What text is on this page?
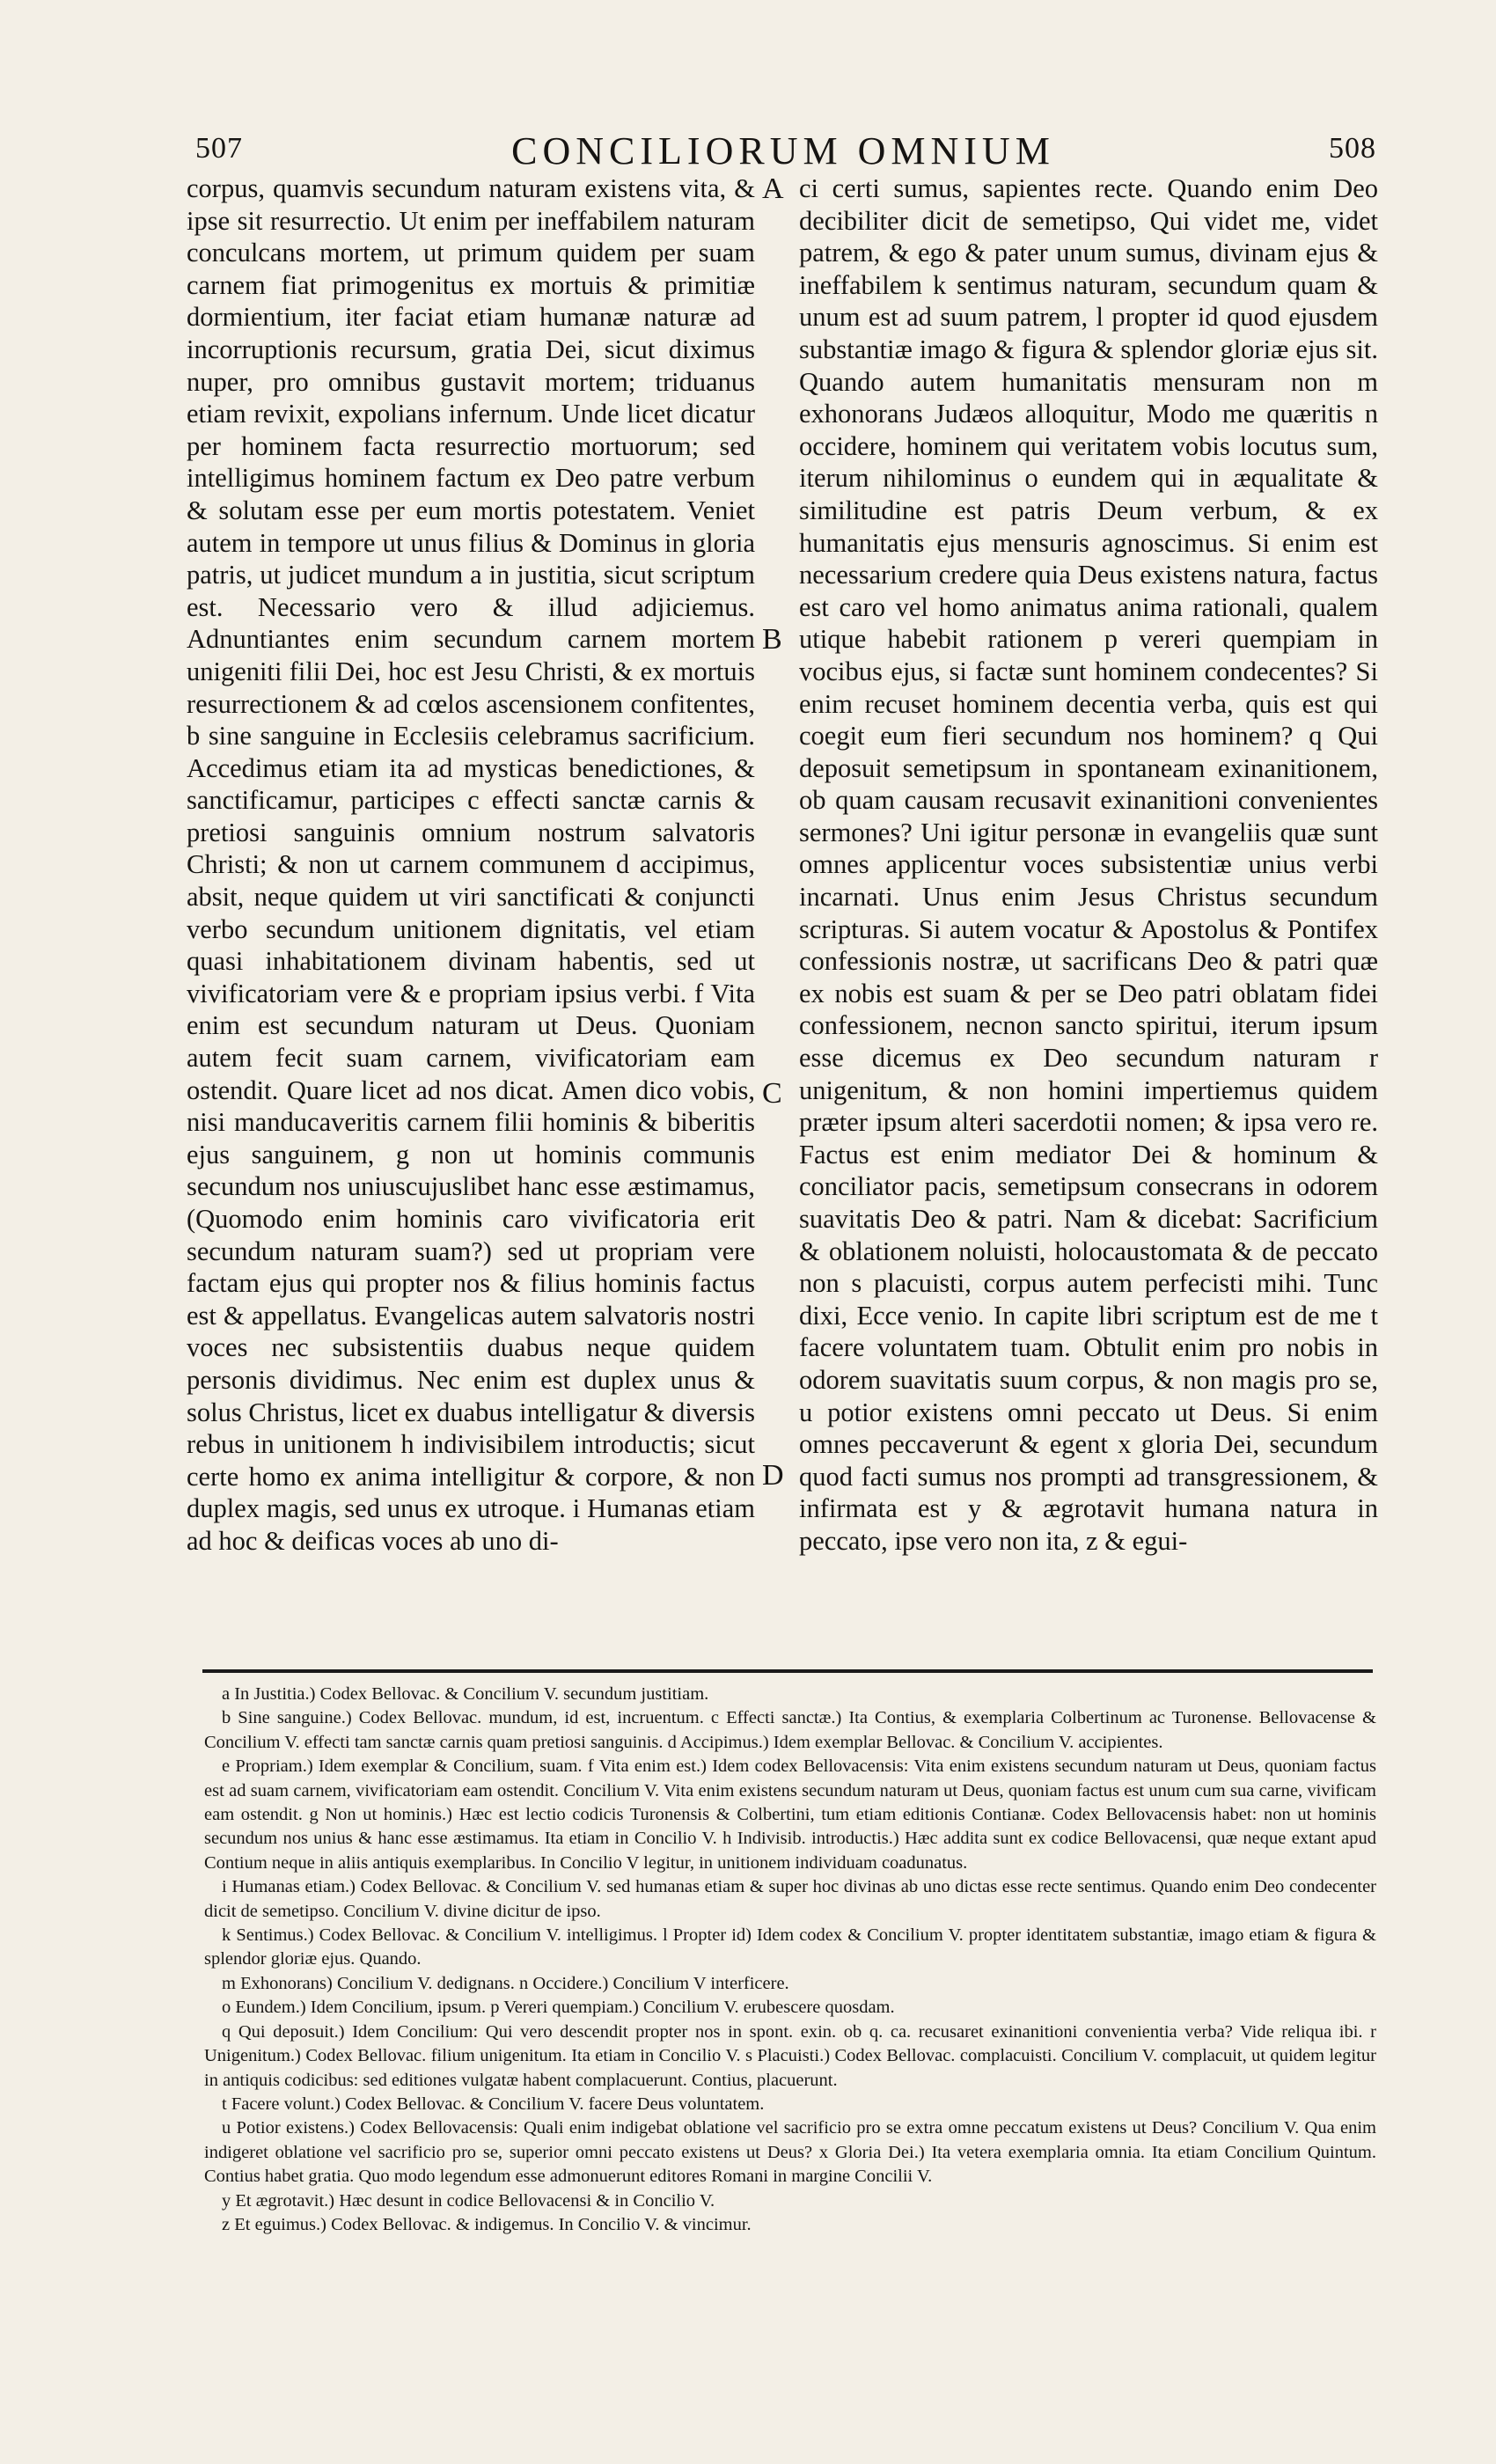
507	CONCILIORUM OMNIUM	508

corpus, quamvis secundum naturam existens vita, & ipse sit resurrectio. Ut enim per ineffabilem naturam conculcans mortem, ut primum quidem per suam carnem fiat primogenitus ex mortuis & primitiæ dormientium, iter faciat etiam humanæ naturæ ad incorruptionis recursum, gratia Dei, sicut diximus nuper, pro omnibus gustavit mortem; triduanus etiam revixit, expolians infernum. Unde licet dicatur per hominem facta resurrectio mortuorum; sed intelligimus hominem factum ex Deo patre verbum & solutam esse per eum mortis potestatem. Veniet autem in tempore ut unus filius & Dominus in gloria patris, ut judicet mundum a in justitia, sicut scriptum est. Necessario vero & illud adjiciemus. Adnuntiantes enim secundum carnem mortem unigeniti filii Dei, hoc est Jesu Christi, & ex mortuis resurrectionem & ad cœlos ascensionem confitentes, b sine sanguine in Ecclesiis celebramus sacrificium. Accedimus etiam ita ad mysticas benedictiones, & sanctificamur, participes c effecti sanctæ carnis & pretiosi sanguinis omnium nostrum salvatoris Christi; & non ut carnem communem d accipimus, absit, neque quidem ut viri sanctificati & conjuncti verbo secundum unitionem dignitatis, vel etiam quasi inhabitationem divinam habentis, sed ut vivificatoriam vere & e propriam ipsius verbi. f Vita enim est secundum naturam ut Deus. Quoniam autem fecit suam carnem, vivificatoriam eam ostendit. Quare licet ad nos dicat. Amen dico vobis, nisi manducaveritis carnem filii hominis & biberitis ejus sanguinem, g non ut hominis communis secundum nos uniuscujuslibet hanc esse æstimamus, (Quomodo enim hominis caro vivificatoria erit secundum naturam suam?) sed ut propriam vere factam ejus qui propter nos & filius hominis factus est & appellatus. Evangelicas autem salvatoris nostri voces nec subsistentiis duabus neque quidem personis dividimus. Nec enim est duplex unus & solus Christus, licet ex duabus intelligatur & diversis rebus in unitionem h indivisibilem introductis; sicut certe homo ex anima intelligitur & corpore, & non duplex magis, sed unus ex utroque. i Humanas etiam ad hoc & deificas voces ab uno di-

A
B
C
D

ci certi sumus, sapientes recte. Quando enim Deo decibiliter dicit de semetipso, Qui videt me, videt patrem, & ego & pater unum sumus, divinam ejus & ineffabilem k sentimus naturam, secundum quam & unum est ad suum patrem, l propter id quod ejusdem substantiæ imago & figura & splendor gloriæ ejus sit. Quando autem humanitatis mensuram non m exhonorans Judæos alloquitur, Modo me quæritis n occidere, hominem qui veritatem vobis locutus sum, iterum nihilominus o eundem qui in æqualitate & similitudine est patris Deum verbum, & ex humanitatis ejus mensuris agnoscimus. Si enim est necessarium credere quia Deus existens natura, factus est caro vel homo animatus anima rationali, qualem utique habebit rationem p vereri quempiam in vocibus ejus, si factæ sunt hominem condecentes? Si enim recuset hominem decentia verba, quis est qui coegit eum fieri secundum nos hominem? q Qui deposuit semetipsum in spontaneam exinanitionem, ob quam causam recusavit exinanitioni convenientes sermones? Uni igitur personæ in evangeliis quæ sunt omnes applicentur voces subsistentiæ unius verbi incarnati. Unus enim Jesus Christus secundum scripturas. Si autem vocatur & Apostolus & Pontifex confessionis nostræ, ut sacrificans Deo & patri quæ ex nobis est suam & per se Deo patri oblatam fidei confessionem, necnon sancto spiritui, iterum ipsum esse dicemus ex Deo secundum naturam r unigenitum, & non homini impertiemus quidem præter ipsum alteri sacerdotii nomen; & ipsa vero re. Factus est enim mediator Dei & hominum & conciliator pacis, semetipsum consecrans in odorem suavitatis Deo & patri. Nam & dicebat: Sacrificium & oblationem noluisti, holocaustomata & de peccato non s placuisti, corpus autem perfecisti mihi. Tunc dixi, Ecce venio. In capite libri scriptum est de me t facere voluntatem tuam. Obtulit enim pro nobis in odorem suavitatis suum corpus, & non magis pro se, u potior existens omni peccato ut Deus. Si enim omnes peccaverunt & egent x gloria Dei, secundum quod facti sumus nos prompti ad transgressionem, & infirmata est y & ægrotavit humana natura in peccato, ipse vero non ita, z & egui-

a In Justitia.) Codex Bellovac. & Concilium V. secundum justitiam.

b Sine sanguine.) Codex Bellovac. mundum, id est, incruentum. c Effecti sanctæ.) Ita Contius, & exemplaria Colbertinum ac Turonense. Bellovacense & Concilium V. effecti tam sanctæ carnis quam pretiosi sanguinis. d Accipimus.) Idem exemplar Bellovac. & Concilium V. accipientes.

e Propriam.) Idem exemplar & Concilium, suam. f Vita enim est.) Idem codex Bellovacensis: Vita enim existens secundum naturam ut Deus, quoniam factus est ad suam carnem, vivificatoriam eam ostendit. Concilium V. Vita enim existens secundum naturam ut Deus, quoniam factus est unum cum sua carne, vivificam eam ostendit. g Non ut hominis.) Hæc est lectio codicis Turonensis & Colbertini, tum etiam editionis Contianæ. Codex Bellovacensis habet: non ut hominis secundum nos unius & hanc esse æstimamus. Ita etiam in Concilio V. h Indivisib. introductis.) Hæc addita sunt ex codice Bellovacensi, quæ neque extant apud Contium neque in aliis antiquis exemplaribus. In Concilio V legitur, in unitionem individuam coadunatus.

i Humanas etiam.) Codex Bellovac. & Concilium V. sed humanas etiam & super hoc divinas ab uno dictas esse recte sentimus. Quando enim Deo condecenter dicit de semetipso. Concilium V. divine dicitur de ipso.

k Sentimus.) Codex Bellovac. & Concilium V. intelligimus. l Propter id) Idem codex & Concilium V. propter identitatem substantiæ, imago etiam & figura & splendor gloriæ ejus. Quando.

m Exhonorans) Concilium V. dedignans. n Occidere.) Concilium V interficere.

o Eundem.) Idem Concilium, ipsum. p Vereri quempiam.) Concilium V. erubescere quosdam.

q Qui deposuit.) Idem Concilium: Qui vero descendit propter nos in spont. exin. ob q. ca. recusaret exinanitioni convenientia verba? Vide reliqua ibi. r Unigenitum.) Codex Bellovac. filium unigenitum. Ita etiam in Concilio V. s Placuisti.) Codex Bellovac. complacuisti. Concilium V. complacuit, ut quidem legitur in antiquis codicibus: sed editiones vulgatæ habent complacuerunt. Contius, placuerunt.

t Facere volunt.) Codex Bellovac. & Concilium V. facere Deus voluntatem.

u Potior existens.) Codex Bellovacensis: Quali enim indigebat oblatione vel sacrificio pro se extra omne peccatum existens ut Deus? Concilium V. Qua enim indigeret oblatione vel sacrificio pro se, superior omni peccato existens ut Deus? x Gloria Dei.) Ita vetera exemplaria omnia. Ita etiam Concilium Quintum. Contius habet gratia. Quo modo legendum esse admonuerunt editores Romani in margine Concilii V.

y Et ægrotavit.) Hæc desunt in codice Bellovacensi & in Concilio V.

z Et eguimus.) Codex Bellovac. & indigemus. In Concilio V. & vincimur.
